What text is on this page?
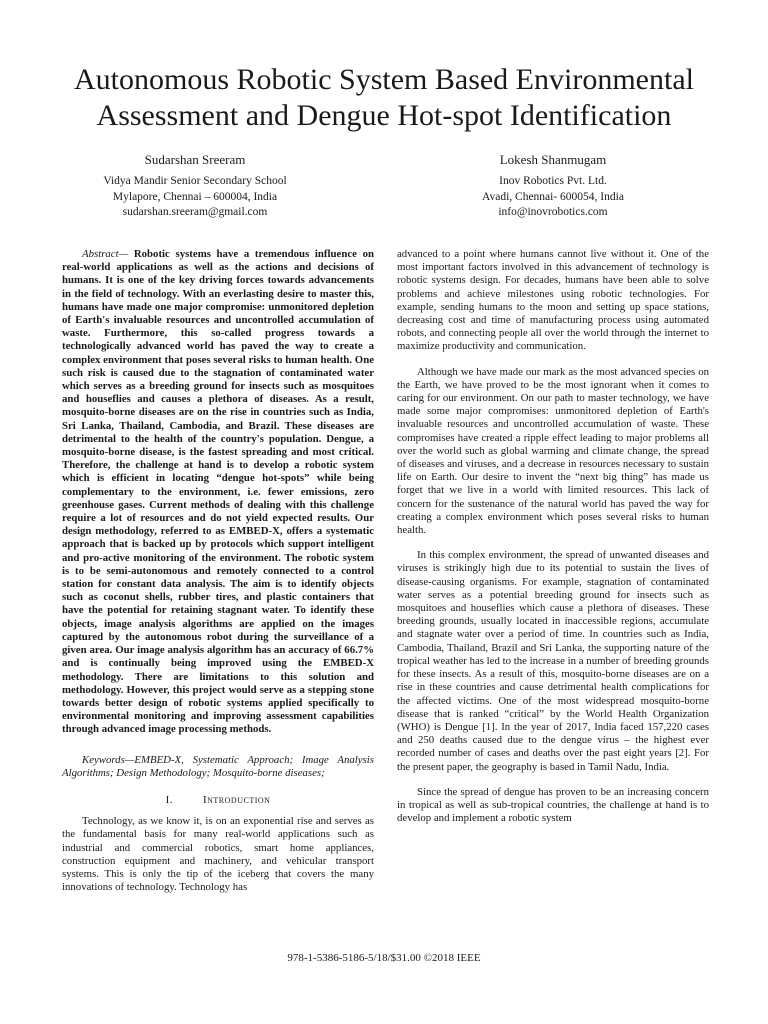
Autonomous Robotic System Based Environmental
Assessment and Dengue Hot-spot Identification
Sudarshan Sreeram
Vidya Mandir Senior Secondary School
Mylapore, Chennai – 600004, India
sudarshan.sreeram@gmail.com
Lokesh Shanmugam
Inov Robotics Pvt. Ltd.
Avadi, Chennai- 600054, India
info@inovrobotics.com

Abstract— Robotic systems have a tremendous influence on real-world applications as well as the actions and decisions of humans. It is one of the key driving forces towards advancements in the field of technology. With an everlasting desire to master this, humans have made one major compromise: unmonitored depletion of Earth's invaluable resources and uncontrolled accumulation of waste. Furthermore, this so-called progress towards a technologically advanced world has paved the way to create a complex environment that poses several risks to human health. One such risk is caused due to the stagnation of contaminated water which serves as a breeding ground for insects such as mosquitoes and houseflies and causes a plethora of diseases. As a result, mosquito-borne diseases are on the rise in countries such as India, Sri Lanka, Thailand, Cambodia, and Brazil. These diseases are detrimental to the health of the country's population. Dengue, a mosquito-borne disease, is the fastest spreading and most critical. Therefore, the challenge at hand is to develop a robotic system which is efficient in locating “dengue hot-spots” while being complementary to the environment, i.e. fewer emissions, zero greenhouse gases. Current methods of dealing with this challenge require a lot of resources and do not yield expected results. Our design methodology, referred to as EMBED-X, offers a systematic approach that is backed up by protocols which support intelligent and pro-active monitoring of the environment. The robotic system is to be semi-autonomous and remotely connected to a control station for constant data analysis. The aim is to identify objects such as coconut shells, rubber tires, and plastic containers that have the potential for retaining stagnant water. To identify these objects, image analysis algorithms are applied on the images captured by the autonomous robot during the surveillance of a given area. Our image analysis algorithm has an accuracy of 66.7% and is continually being improved using the EMBED-X methodology. There are limitations to this solution and methodology. However, this project would serve as a stepping stone towards better design of robotic systems applied specifically to environmental monitoring and improving assessment capabilities through advanced image processing methods.

Keywords—EMBED-X, Systematic Approach; Image Analysis Algorithms; Design Methodology; Mosquito-borne diseases;

I.	Introduction

Technology, as we know it, is on an exponential rise and serves as the fundamental basis for many real-world applications such as industrial and commercial robotics, smart home appliances, construction equipment and machinery, and vehicular transport systems. This is only the tip of the iceberg that covers the many innovations of technology. Technology has

advanced to a point where humans cannot live without it. One of the most important factors involved in this advancement of technology is robotic systems design. For decades, humans have been able to solve problems and achieve milestones using robotic technologies. For example, sending humans to the moon and setting up space stations, decreasing cost and time of manufacturing process using automated robots, and connecting people all over the world through the internet to maximize productivity and communication.

Although we have made our mark as the most advanced species on the Earth, we have proved to be the most ignorant when it comes to caring for our environment. On our path to master technology, we have made some major compromises: unmonitored depletion of Earth's invaluable resources and uncontrolled accumulation of waste. These compromises have created a ripple effect leading to major problems all over the world such as global warming and climate change, the spread of diseases and viruses, and a decrease in resources necessary to sustain life on Earth. Our desire to invent the “next big thing” has made us forget that we live in a world with limited resources. This lack of concern for the sustenance of the natural world has paved the way for creating a complex environment which poses several risks to human health.

In this complex environment, the spread of unwanted diseases and viruses is strikingly high due to its potential to sustain the lives of disease-causing organisms. For example, stagnation of contaminated water serves as a potential breeding ground for insects such as mosquitoes and houseflies which cause a plethora of diseases. These breeding grounds, usually located in inaccessible regions, accumulate and stagnate water over a period of time. In countries such as India, Cambodia, Thailand, Brazil and Sri Lanka, the supporting nature of the tropical weather has led to the increase in a number of breeding grounds for these insects. As a result of this, mosquito-borne diseases are on a rise in these countries and cause detrimental health complications for the affected victims. One of the most widespread mosquito-borne disease that is ranked “critical” by the World Health Organization (WHO) is Dengue [1]. In the year of 2017, India faced 157,220 cases and 250 deaths caused due to the dengue virus – the highest ever recorded number of cases and deaths over the past eight years [2]. For the present paper, the geography is based in Tamil Nadu, India.

Since the spread of dengue has proven to be an increasing concern in tropical as well as sub-tropical countries, the challenge at hand is to develop and implement a robotic system

978-1-5386-5186-5/18/$31.00 ©2018 IEEE
